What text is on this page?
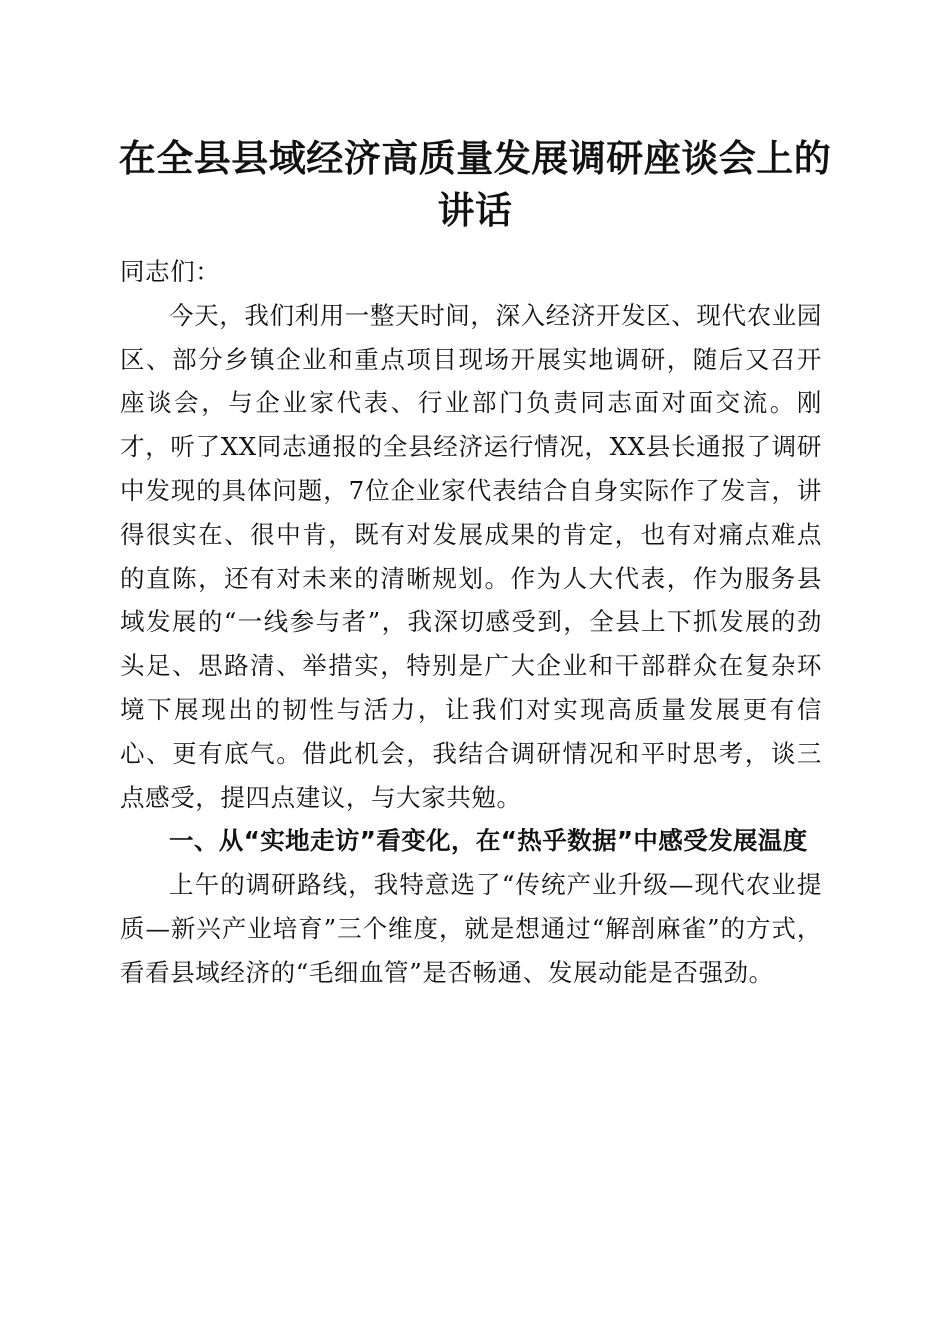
在全县县域经济高质量发展调研座谈会上的讲话

同志们：

今天，我们利用一整天时间，深入经济开发区、现代农业园区、部分乡镇企业和重点项目现场开展实地调研，随后又召开座谈会，与企业家代表、行业部门负责同志面对面交流。刚才，听了XX同志通报的全县经济运行情况，XX县长通报了调研中发现的具体问题，7位企业家代表结合自身实际作了发言，讲得很实在、很中肯，既有对发展成果的肯定，也有对痛点难点的直陈，还有对未来的清晰规划。作为人大代表，作为服务县域发展的“一线参与者”，我深切感受到，全县上下抓发展的劲头足、思路清、举措实，特别是广大企业和干部群众在复杂环境下展现出的韧性与活力，让我们对实现高质量发展更有信心、更有底气。借此机会，我结合调研情况和平时思考，谈三点感受，提四点建议，与大家共勉。

一、从“实地走访”看变化，在“热乎数据”中感受发展温度

上午的调研路线，我特意选了“传统产业升级—现代农业提质—新兴产业培育”三个维度，就是想通过“解剖麻雀”的方式，看看县域经济的“毛细血管”是否畅通、发展动能是否强劲。
